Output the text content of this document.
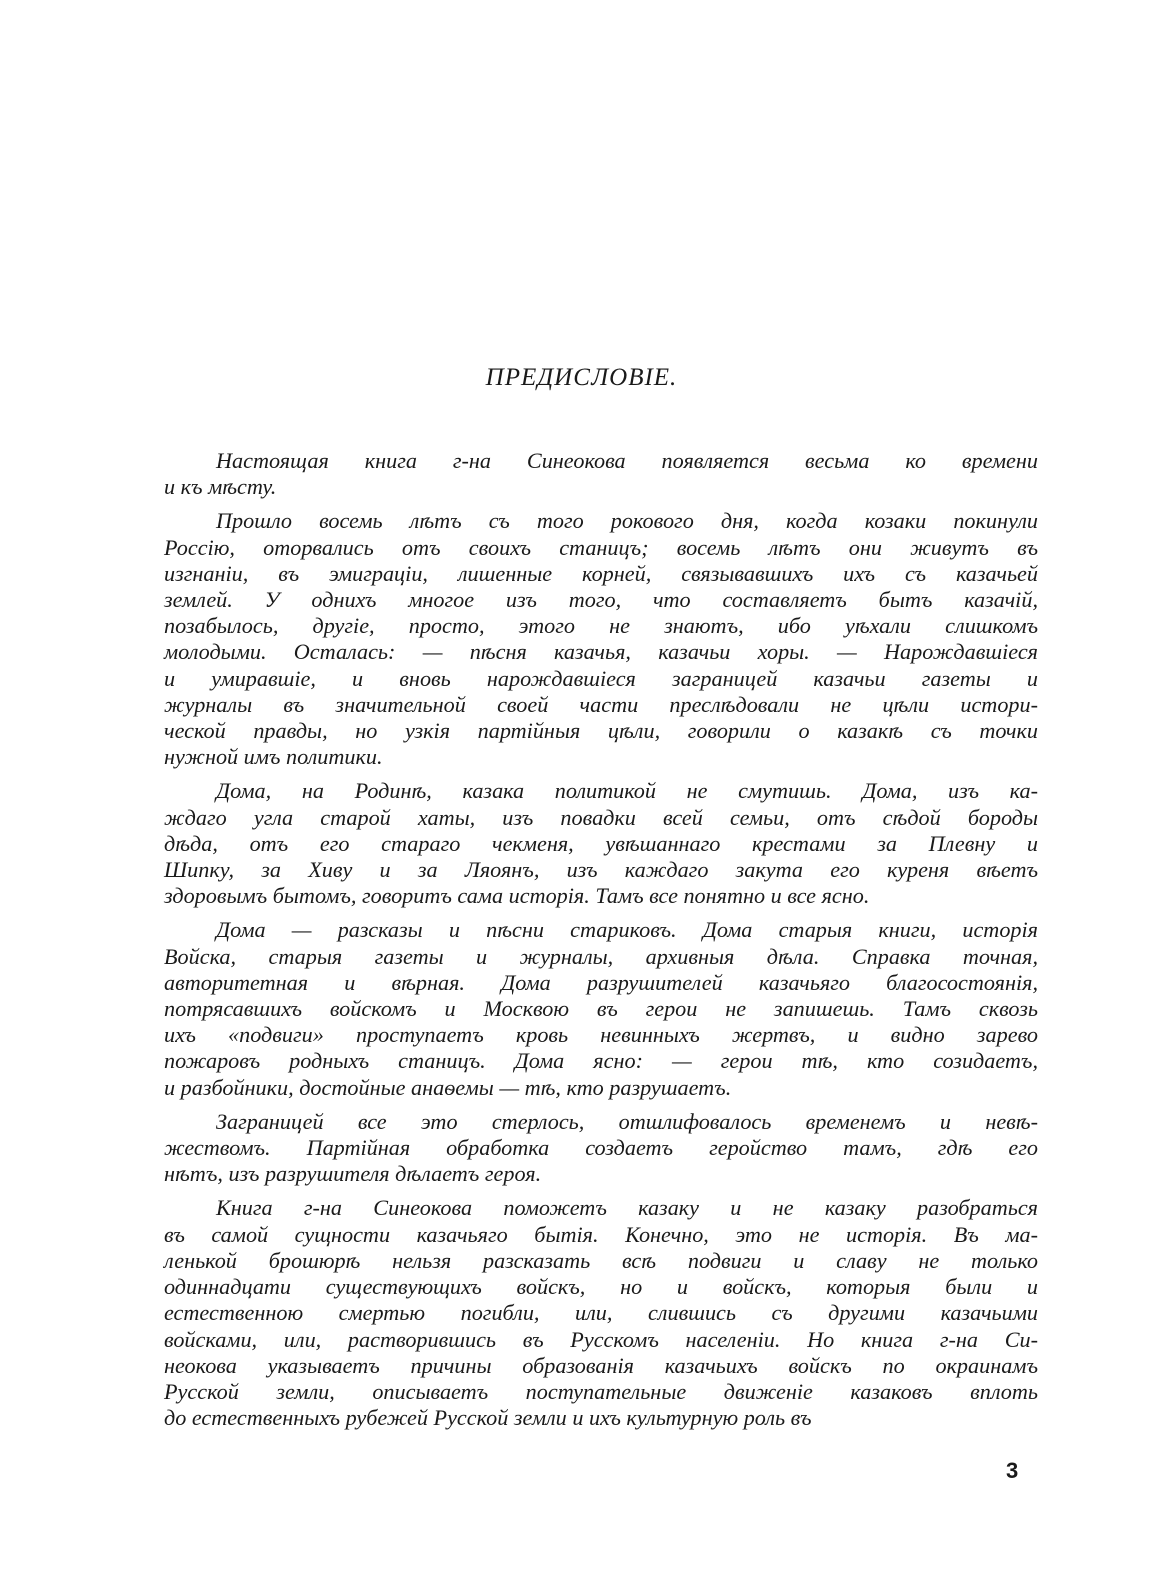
ПРЕДИСЛОВІЕ.
Настоящая книга г-на Синеокова появляется весьма ко времени
и къ мѣсту.
Прошло восемь лѣтъ съ того рокового дня, когда козаки покинули
Россію, оторвались отъ своихъ станицъ; восемь лѣтъ они живутъ въ
изгнаніи, въ эмиграціи, лишенные корней, связывавшихъ ихъ съ казачьей
землей. У однихъ многое изъ того, что составляетъ бытъ казачій,
позабылось, другіе, просто, этого не знаютъ, ибо уѣхали слишкомъ
молодыми. Осталась: — пѣсня казачья, казачьи хоры. — Нарождавшіеся
и умиравшіе, и вновь нарождавшіеся заграницей казачьи газеты и
журналы въ значительной своей части преслѣдовали не цѣли истори-
ческой правды, но узкія партійныя цѣли, говорили о казакѣ съ точки
нужной имъ политики.
Дома, на Родинѣ, казака политикой не смутишь. Дома, изъ ка-
ждаго угла старой хаты, изъ повадки всей семьи, отъ сѣдой бороды
дѣда, отъ его стараго чекменя, увѣшаннаго крестами за Плевну и
Шипку, за Хиву и за Ляоянъ, изъ каждаго закута его куреня вѣетъ
здоровымъ бытомъ, говоритъ сама исторія. Тамъ все понятно и все ясно.
Дома — разсказы и пѣсни стариковъ. Дома старыя книги, исторія
Войска, старыя газеты и журналы, архивныя дѣла. Справка точная,
авторитетная и вѣрная. Дома разрушителей казачьяго благосостоянія,
потрясавшихъ войскомъ и Москвою въ герои не запишешь. Тамъ сквозь
ихъ «подвиги» проступаетъ кровь невинныхъ жертвъ, и видно зарево
пожаровъ родныхъ станицъ. Дома ясно: — герои тѣ, кто созидаетъ,
и разбойники, достойные анаѳемы — тѣ, кто разрушаетъ.
Заграницей все это стерлось, отшлифовалось временемъ и невѣ-
жествомъ. Партійная обработка создаетъ геройство тамъ, гдѣ его
нѣтъ, изъ разрушителя дѣлаетъ героя.
Книга г-на Синеокова поможетъ казаку и не казаку разобраться
въ самой сущности казачьяго бытія. Конечно, это не исторія. Въ ма-
ленькой брошюрѣ нельзя разсказать всѣ подвиги и славу не только
одиннадцати существующихъ войскъ, но и войскъ, которыя были и
естественною смертью погибли, или, слившись съ другими казачьими
войсками, или, растворившись въ Русскомъ населеніи. Но книга г-на Си-
неокова указываетъ причины образованія казачьихъ войскъ по окраинамъ
Русской земли, описываетъ поступательные движеніе казаковъ вплоть
до естественныхъ рубежей Русской земли и ихъ культурную роль въ
3
